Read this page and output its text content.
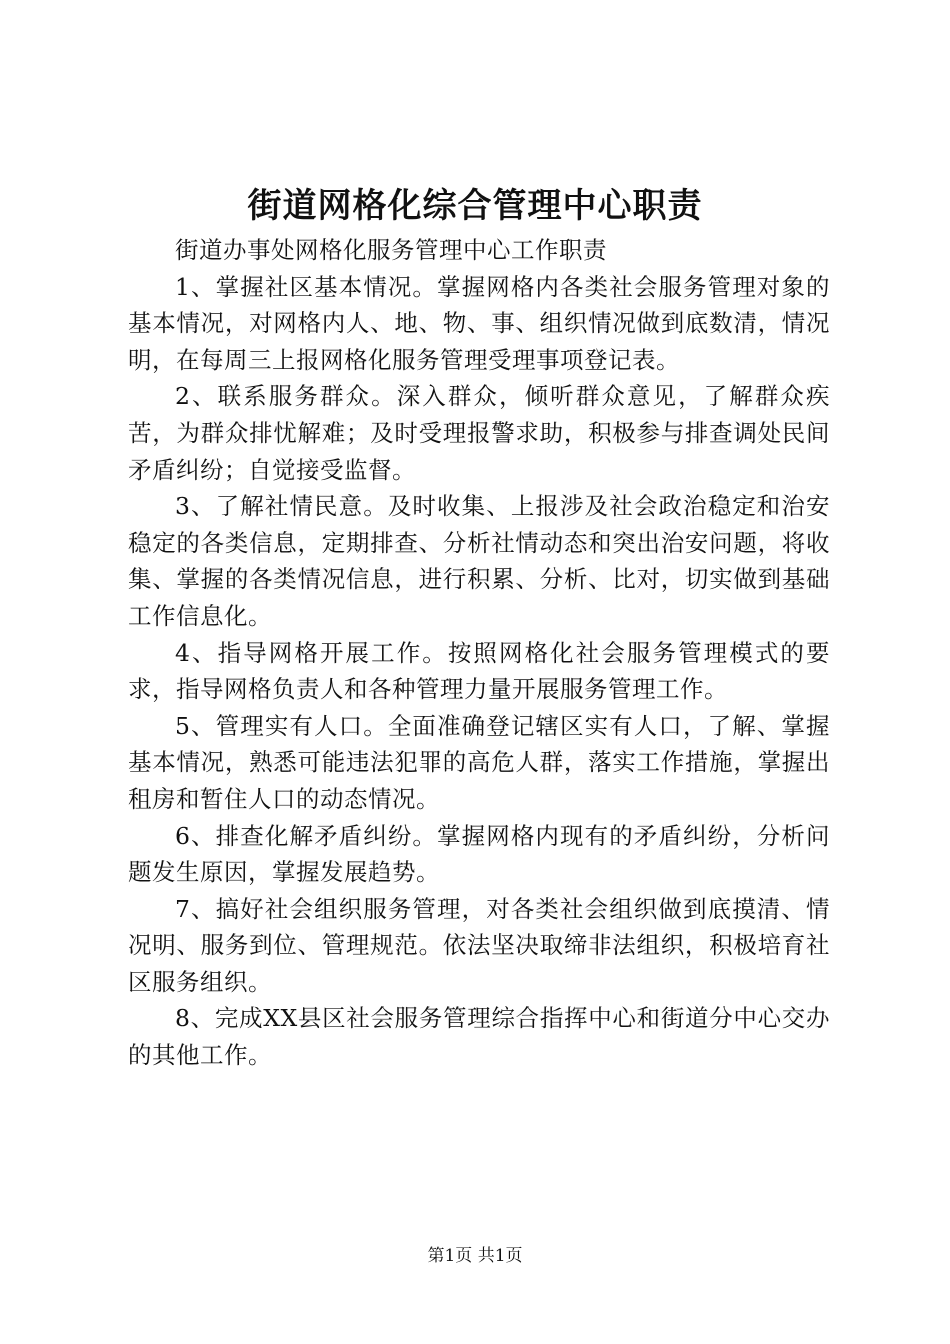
街道网格化综合管理中心职责

街道办事处网格化服务管理中心工作职责

1、掌握社区基本情况。掌握网格内各类社会服务管理对象的基本情况，对网格内人、地、物、事、组织情况做到底数清，情况明，在每周三上报网格化服务管理受理事项登记表。

2、联系服务群众。深入群众，倾听群众意见，了解群众疾苦，为群众排忧解难；及时受理报警求助，积极参与排查调处民间矛盾纠纷；自觉接受监督。

3、了解社情民意。及时收集、上报涉及社会政治稳定和治安稳定的各类信息，定期排查、分析社情动态和突出治安问题，将收集、掌握的各类情况信息，进行积累、分析、比对，切实做到基础工作信息化。

4、指导网格开展工作。按照网格化社会服务管理模式的要求，指导网格负责人和各种管理力量开展服务管理工作。

5、管理实有人口。全面准确登记辖区实有人口，了解、掌握基本情况，熟悉可能违法犯罪的高危人群，落实工作措施，掌握出租房和暂住人口的动态情况。

6、排查化解矛盾纠纷。掌握网格内现有的矛盾纠纷，分析问题发生原因，掌握发展趋势。

7、搞好社会组织服务管理，对各类社会组织做到底摸清、情况明、服务到位、管理规范。依法坚决取缔非法组织，积极培育社区服务组织。

8、完成XX县区社会服务管理综合指挥中心和街道分中心交办的其他工作。

第1页 共1页
